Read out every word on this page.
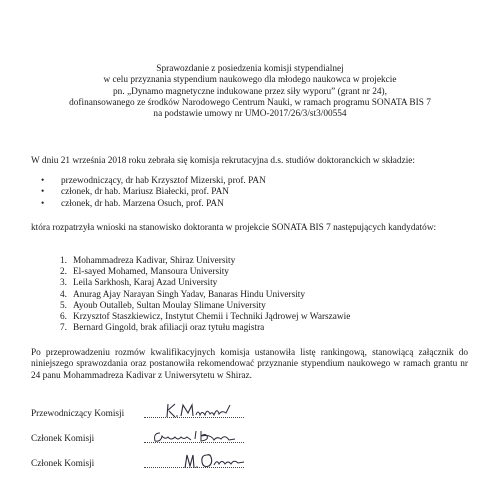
Sprawozdanie z posiedzenia komisji stypendialnej
w celu przyznania stypendium naukowego dla młodego naukowca w projekcie
pn. „Dynamo magnetyczne indukowane przez siły wyporu” (grant nr 24),
dofinansowanego ze środków Narodowego Centrum Nauki, w ramach programu SONATA BIS 7
na podstawie umowy nr UMO-2017/26/3/st3/00554
W dniu 21 września 2018 roku zebrała się komisja rekrutacyjna d.s. studiów doktoranckich w składzie:
• przewodniczący, dr hab Krzysztof Mizerski, prof. PAN
• członek, dr hab. Mariusz Białecki, prof. PAN
• członek, dr hab. Marzena Osuch, prof. PAN
która rozpatrzyła wnioski na stanowisko doktoranta w projekcie SONATA BIS 7 następujących kandydatów:
1. Mohammadreza Kadivar, Shiraz University
2. El-sayed Mohamed, Mansoura University
3. Leila Sarkhosh, Karaj Azad University
4. Anurag Ajay Narayan Singh Yadav, Banaras Hindu University
5. Ayoub Outalleb, Sultan Moulay Slimane University
6. Krzysztof Staszkiewicz, Instytut Chemii i Techniki Jądrowej w Warszawie
7. Bernard Gingold, brak afiliacji oraz tytułu magistra
Po przeprowadzeniu rozmów kwalifikacyjnych komisja ustanowiła listę rankingową, stanowiącą załącznik do niniejszego sprawozdania oraz postanowiła rekomendować przyznanie stypendium naukowego w ramach grantu nr 24 panu Mohammadreza Kadivar z Uniwersytetu w Shiraz.
Przewodniczący Komisji
Członek Komisji
Członek Komisji
